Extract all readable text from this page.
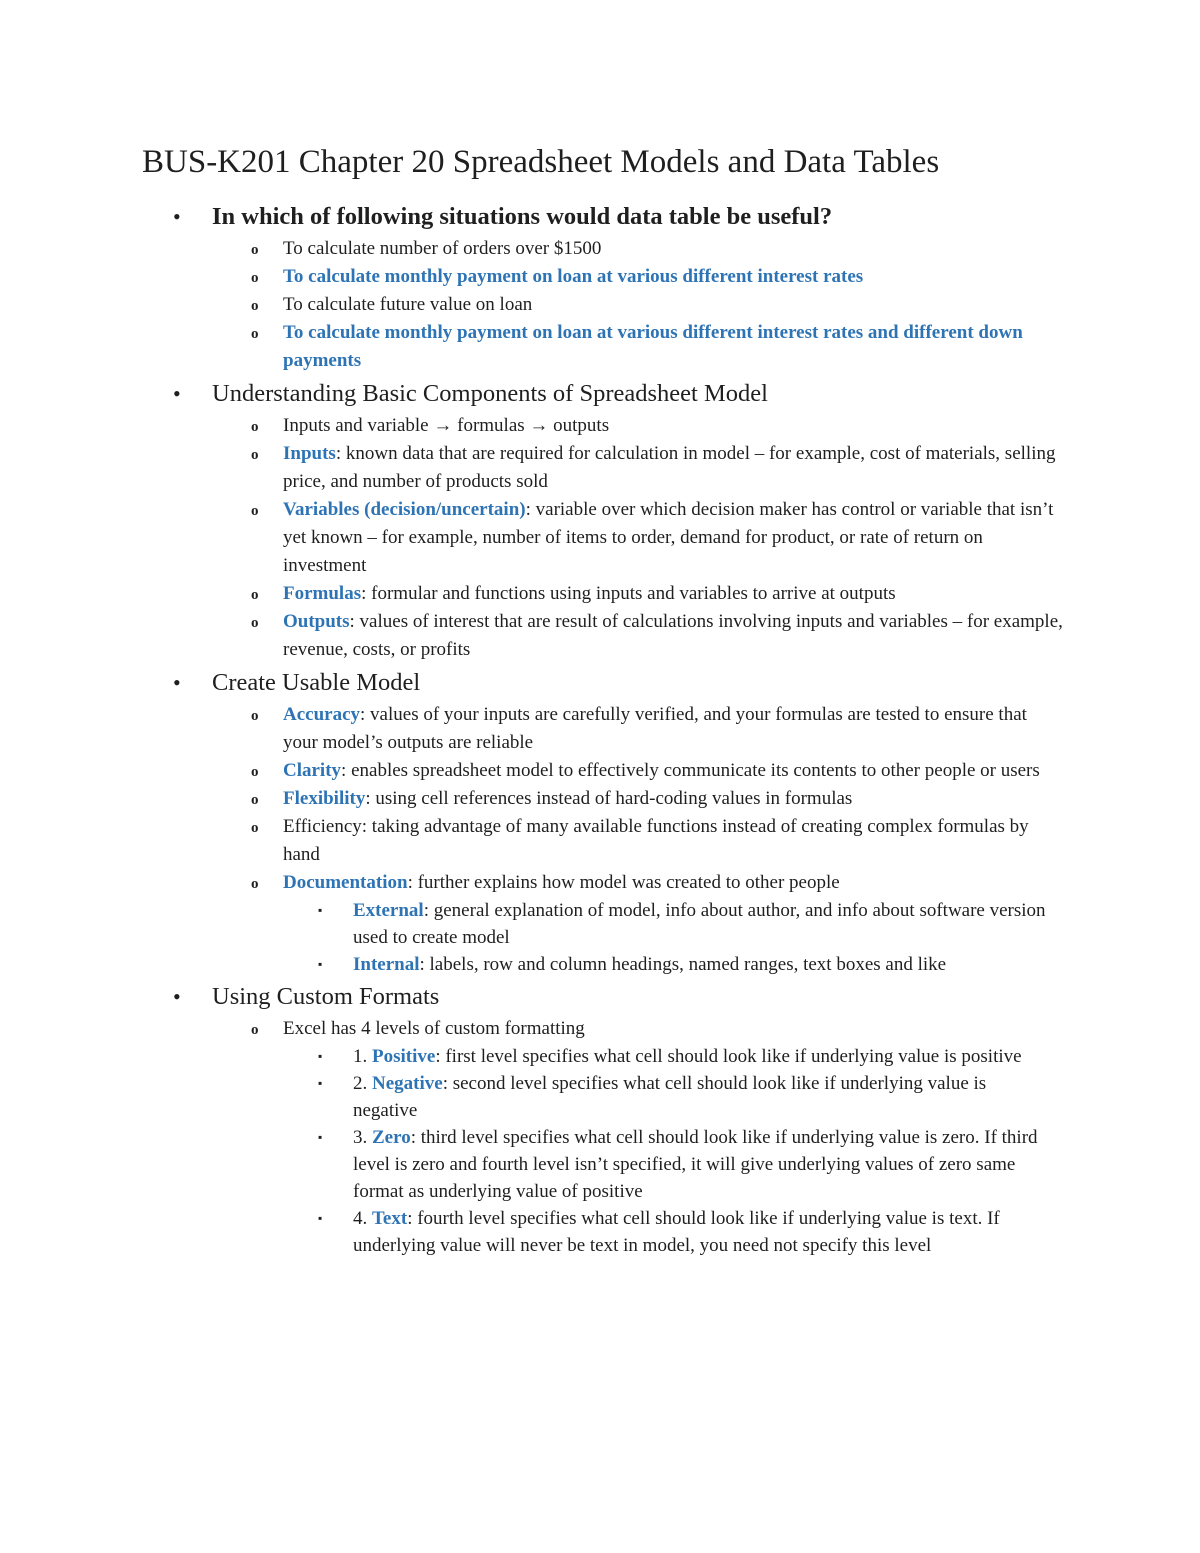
BUS-K201 Chapter 20 Spreadsheet Models and Data Tables
• In which of following situations would data table be useful?
o To calculate number of orders over $1500
o To calculate monthly payment on loan at various different interest rates
o To calculate future value on loan
o To calculate monthly payment on loan at various different interest rates and different down payments
• Understanding Basic Components of Spreadsheet Model
o Inputs and variable → formulas → outputs
o Inputs: known data that are required for calculation in model – for example, cost of materials, selling price, and number of products sold
o Variables (decision/uncertain): variable over which decision maker has control or variable that isn’t yet known – for example, number of items to order, demand for product, or rate of return on investment
o Formulas: formular and functions using inputs and variables to arrive at outputs
o Outputs: values of interest that are result of calculations involving inputs and variables – for example, revenue, costs, or profits
• Create Usable Model
o Accuracy: values of your inputs are carefully verified, and your formulas are tested to ensure that your model’s outputs are reliable
o Clarity: enables spreadsheet model to effectively communicate its contents to other people or users
o Flexibility: using cell references instead of hard-coding values in formulas
o Efficiency: taking advantage of many available functions instead of creating complex formulas by hand
o Documentation: further explains how model was created to other people
▪ External: general explanation of model, info about author, and info about software version used to create model
▪ Internal: labels, row and column headings, named ranges, text boxes and like
• Using Custom Formats
o Excel has 4 levels of custom formatting
▪ 1. Positive: first level specifies what cell should look like if underlying value is positive
▪ 2. Negative: second level specifies what cell should look like if underlying value is negative
▪ 3. Zero: third level specifies what cell should look like if underlying value is zero. If third level is zero and fourth level isn’t specified, it will give underlying values of zero same format as underlying value of positive
▪ 4. Text: fourth level specifies what cell should look like if underlying value is text. If underlying value will never be text in model, you need not specify this level
